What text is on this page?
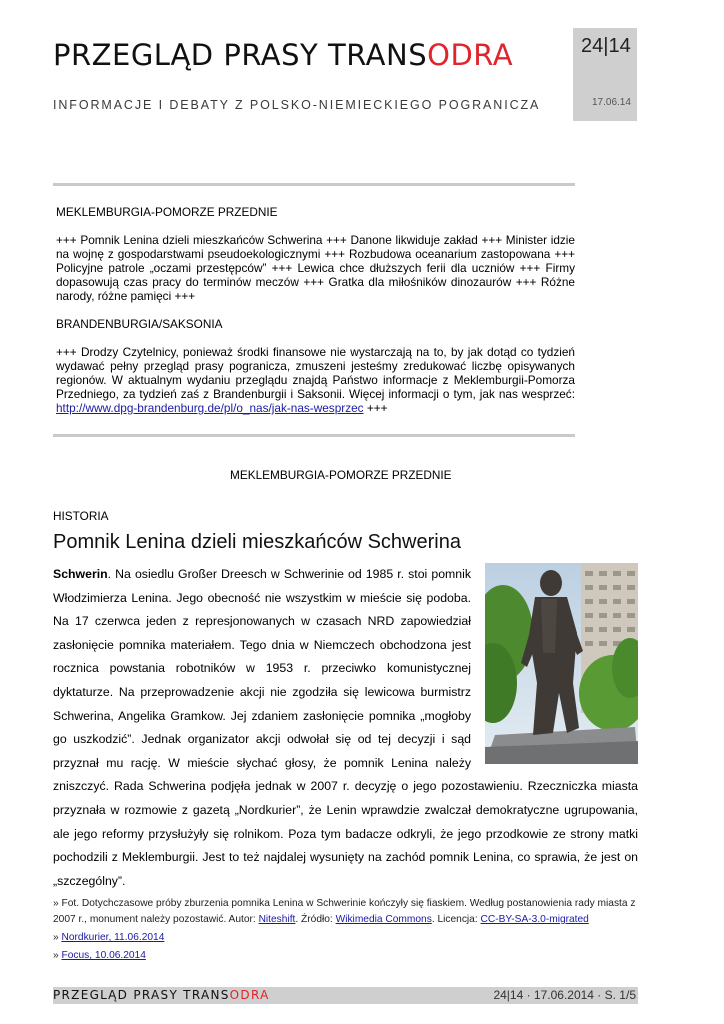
PRZEGLĄD PRASY TRANSODRA
INFORMACJE I DEBATY Z POLSKO-NIEMIECKIEGO POGRANICZA
24|14
17.06.14
MEKLEMBURGIA-POMORZE PRZEDNIE
+++ Pomnik Lenina dzieli mieszkańców Schwerina +++ Danone likwiduje zakład +++ Minister idzie na wojnę z gospodarstwami pseudoekologicznymi +++ Rozbudowa oceanarium zastopowana +++ Policyjne patrole „oczami przestępców” +++ Lewica chce dłuższych ferii dla uczniów +++ Firmy dopasowują czas pracy do terminów meczów +++ Gratka dla miłośników dinozaurów +++ Różne narody, różne pamięci +++
BRANDENBURGIA/SAKSONIA
+++ Drodzy Czytelnicy, ponieważ środki finansowe nie wystarczają na to, by jak dotąd co tydzień wydawać pełny przegląd prasy pogranicza, zmuszeni jesteśmy zredukować liczbę opisywanych regionów. W aktualnym wydaniu przeglądu znajdą Państwo informacje z Meklemburgii-Pomorza Przedniego, za tydzień zaś z Brandenburgii i Saksonii. Więcej informacji o tym, jak nas wesprzeć: http://www.dpg-brandenburg.de/pl/o_nas/jak-nas-wesprzec +++
MEKLEMBURGIA-POMORZE PRZEDNIE
HISTORIA
Pomnik Lenina dzieli mieszkańców Schwerina

Schwerin. Na osiedlu Großer Dreesch w Schwerinie od 1985 r. stoi pomnik Włodzimierza Lenina. Jego obecność nie wszystkim w mieście się podoba. Na 17 czerwca jeden z represjonowanych w czasach NRD zapowiedział zasłonięcie pomnika materiałem. Tego dnia w Niemczech obchodzona jest rocznica powstania robotników w 1953 r. przeciwko komunistycznej dyktaturze. Na przeprowadzenie akcji nie zgodziła się lewicowa burmistrz Schwerina, Angelika Gramkow. Jej zdaniem zasłonięcie pomnika „mogłoby go uszkodzić”. Jednak organizator akcji odwołał się od tej decyzji i sąd przyznał mu rację. W mieście słychać głosy, że pomnik Lenina należy zniszczyć. Rada Schwerina podjęła jednak w 2007 r. decyzję o jego pozostawieniu. Rzeczniczka miasta przyznała w rozmowie z gazetą „Nordkurier”, że Lenin wprawdzie zwalczał demokratyczne ugrupowania, ale jego reformy przysłużyły się rolnikom. Poza tym badacze odkryli, że jego przodkowie ze strony matki pochodzili z Meklemburgii. Jest to też najdalej wysunięty na zachód pomnik Lenina, co sprawia, że jest on „szczególny”.

» Fot. Dotychczasowe próby zburzenia pomnika Lenina w Schwerinie kończyły się fiaskiem. Według postanowienia rady miasta z 2007 r., monument należy pozostawić. Autor: Niteshift. Źródło: Wikimedia Commons. Licencja: CC-BY-SA-3.0-migrated
» Nordkurier, 11.06.2014
» Focus, 10.06.2014
PRZEGLĄD PRASY TRANSODRA	24|14 · 17.06.2014 · S. 1/5
